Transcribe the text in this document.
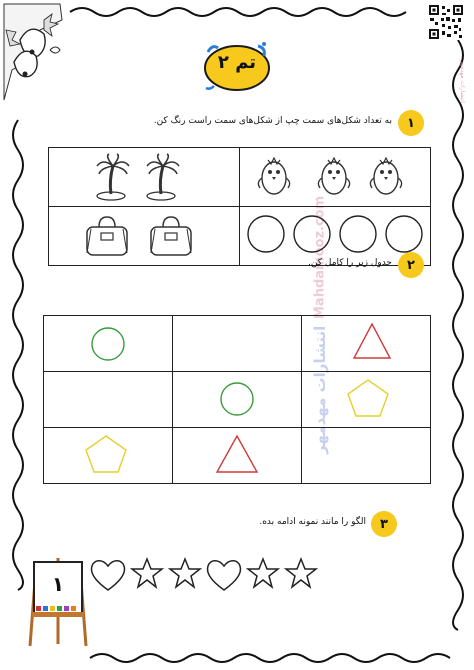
انتشارات مهدمهر
تم ۲
انتشارات مهدمهر
Mahdamooz.com
۱
به تعداد شکل‌های سمت چپ از شکل‌های سمت راست رنگ کن.

۲
جدول زیر را کامل کن.

۳
الگو را مانند نمونه ادامه بده.
۱
